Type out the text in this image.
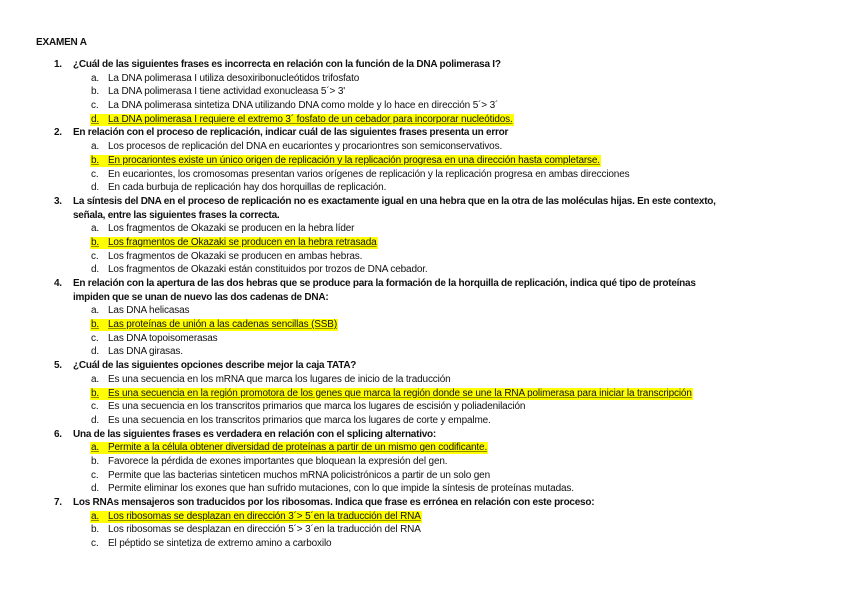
EXAMEN A
1. ¿Cuál de las siguientes frases es incorrecta en relación con la función de la DNA polimerasa I?
a. La DNA polimerasa I utiliza desoxiribonucleótidos trifosfato
b. La DNA polimerasa I tiene actividad exonucleasa 5´> 3'
c. La DNA polimerasa sintetiza DNA utilizando DNA como molde y lo hace en dirección 5´> 3´
d. La DNA polimerasa I requiere el extremo 3´ fosfato de un cebador para incorporar nucleótidos.
2. En relación con el proceso de replicación, indicar cuál de las siguientes frases presenta un error
a. Los procesos de replicación del DNA en eucariontes y procariontres son semiconservativos.
b. En procariontes existe un único origen de replicación y la replicación progresa en una dirección hasta completarse.
c. En eucariontes, los cromosomas presentan varios orígenes de replicación y la replicación progresa en ambas direcciones
d. En cada burbuja de replicación hay dos horquillas de replicación.
3. La síntesis del DNA en el proceso de replicación no es exactamente igual en una hebra que en la otra de las moléculas hijas. En este contexto,
señala, entre las siguientes frases la correcta.
a. Los fragmentos de Okazaki se producen en la hebra líder
b. Los fragmentos de Okazaki se producen en la hebra retrasada
c. Los fragmentos de Okazaki se producen en ambas hebras.
d. Los fragmentos de Okazaki están constituidos por trozos de DNA cebador.
4. En relación con la apertura de las dos hebras que se produce para la formación de la horquilla de replicación, indica qué tipo de proteínas
impiden que se unan de nuevo las dos cadenas de DNA:
a. Las DNA helicasas
b. Las proteínas de unión a las cadenas sencillas (SSB)
c. Las DNA topoisomerasas
d. Las DNA girasas.
5. ¿Cuál de las siguientes opciones describe mejor la caja TATA?
a. Es una secuencia en los mRNA que marca los lugares de inicio de la traducción
b. Es una secuencia en la región promotora de los genes que marca la región donde se une la RNA polimerasa para iniciar la transcripción
c. Es una secuencia en los transcritos primarios que marca los lugares de escisión y poliadenilación
d. Es una secuencia en los transcritos primarios que marca los lugares de corte y empalme.
6. Una de las siguientes frases es verdadera en relación con el splicing alternativo:
a. Permite a la célula obtener diversidad de proteínas a partir de un mismo gen codificante.
b. Favorece la pérdida de exones importantes que bloquean la expresión del gen.
c. Permite que las bacterias sinteticen muchos mRNA policistrónicos a partir de un solo gen
d. Permite eliminar los exones que han sufrido mutaciones, con lo que impide la síntesis de proteínas mutadas.
7. Los RNAs mensajeros son traducidos por los ribosomas. Indica que frase es errónea en relación con este proceso:
a. Los ribosomas se desplazan en dirección 3´> 5´en la traducción del RNA
b. Los ribosomas se desplazan en dirección 5´> 3´en la traducción del RNA
c. El péptido se sintetiza de extremo amino a carboxilo
